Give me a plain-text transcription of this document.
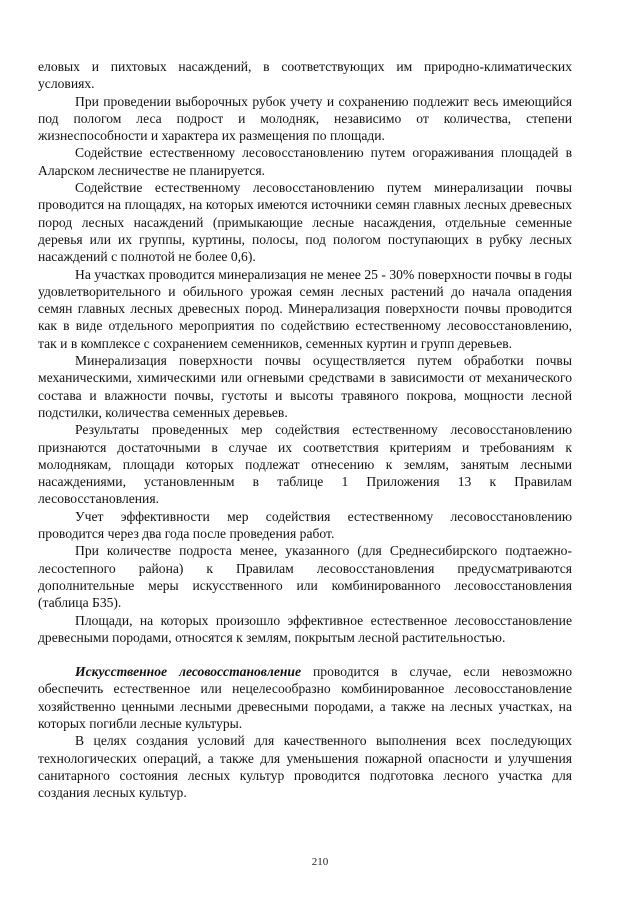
еловых и пихтовых насаждений, в соответствующих им природно-климатических условиях.

При проведении выборочных рубок учету и сохранению подлежит весь имеющийся под пологом леса подрост и молодняк, независимо от количества, степени жизнеспособности и характера их размещения по площади.

Содействие естественному лесовосстановлению путем огораживания площадей в Аларском лесничестве не планируется.

Содействие естественному лесовосстановлению путем минерализации почвы проводится на площадях, на которых имеются источники семян главных лесных древесных пород лесных насаждений (примыкающие лесные насаждения, отдельные семенные деревья или их группы, куртины, полосы, под пологом поступающих в рубку лесных насаждений с полнотой не более 0,6).

На участках проводится минерализация не менее 25 - 30% поверхности почвы в годы удовлетворительного и обильного урожая семян лесных растений до начала опадения семян главных лесных древесных пород. Минерализация поверхности почвы проводится как в виде отдельного мероприятия по содействию естественному лесовосстановлению, так и в комплексе с сохранением семенников, семенных куртин и групп деревьев.

Минерализация поверхности почвы осуществляется путем обработки почвы механическими, химическими или огневыми средствами в зависимости от механического состава и влажности почвы, густоты и высоты травяного покрова, мощности лесной подстилки, количества семенных деревьев.

Результаты проведенных мер содействия естественному лесовосстановлению признаются достаточными в случае их соответствия критериям и требованиям к молоднякам, площади которых подлежат отнесению к землям, занятым лесными насаждениями, установленным в таблице 1 Приложения 13 к Правилам лесовосстановления.

Учет эффективности мер содействия естественному лесовосстановлению проводится через два года после проведения работ.

При количестве подроста менее, указанного (для Среднесибирского подтаежно-лесостепного района) к Правилам лесовосстановления предусматриваются дополнительные меры искусственного или комбинированного лесовосстановления (таблица Б35).

Площади, на которых произошло эффективное естественное лесовосстановление древесными породами, относятся к землям, покрытым лесной растительностью.

Искусственное лесовосстановление проводится в случае, если невозможно обеспечить естественное или нецелесообразно комбинированное лесовосстановление хозяйственно ценными лесными древесными породами, а также на лесных участках, на которых погибли лесные культуры.

В целях создания условий для качественного выполнения всех последующих технологических операций, а также для уменьшения пожарной опасности и улучшения санитарного состояния лесных культур проводится подготовка лесного участка для создания лесных культур.

210
